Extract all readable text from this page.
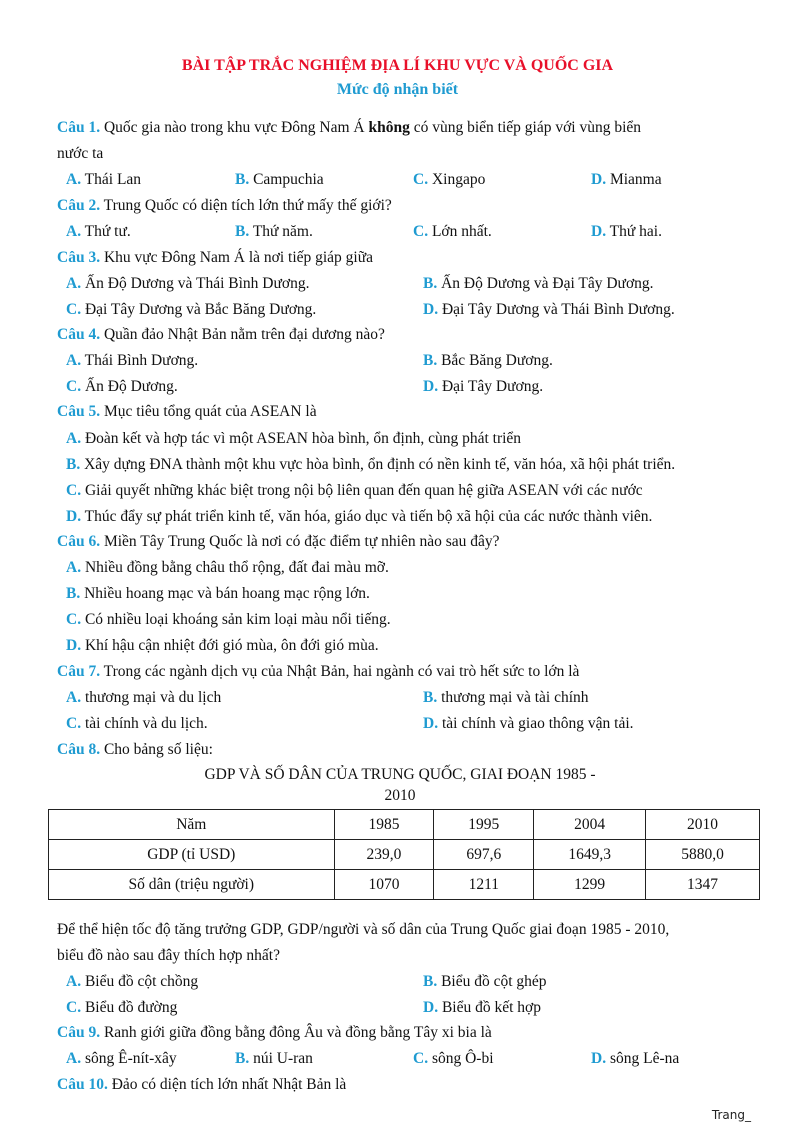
BÀI TẬP TRẮC NGHIỆM ĐỊA LÍ KHU VỰC VÀ QUỐC GIA
Mức độ nhận biết
Câu 1. Quốc gia nào trong khu vực Đông Nam Á không có vùng biển tiếp giáp với vùng biển
nước ta
A. Thái Lan	B. Campuchia	C. Xingapo	D. Mianma
Câu 2. Trung Quốc có diện tích lớn thứ mấy thế giới?
A. Thứ tư.	B. Thứ năm.	C. Lớn nhất.	D. Thứ hai.
Câu 3. Khu vực Đông Nam Á là nơi tiếp giáp giữa
A. Ấn Độ Dương và Thái Bình Dương.	B. Ấn Độ Dương và Đại Tây Dương.
C. Đại Tây Dương và Bắc Băng Dương.	D. Đại Tây Dương và Thái Bình Dương.
Câu 4. Quần đảo Nhật Bản nằm trên đại dương nào?
A. Thái Bình Dương.	B. Bắc Băng Dương.
C. Ấn Độ Dương.	D. Đại Tây Dương.
Câu 5. Mục tiêu tổng quát của ASEAN là
A. Đoàn kết và hợp tác vì một ASEAN hòa bình, ổn định, cùng phát triển
B. Xây dựng ĐNA thành một khu vực hòa bình, ổn định có nền kinh tế, văn hóa, xã hội phát triển.
C. Giải quyết những khác biệt trong nội bộ liên quan đến quan hệ giữa ASEAN với các nước
D. Thúc đẩy sự phát triển kinh tế, văn hóa, giáo dục và tiến bộ xã hội của các nước thành viên.
Câu 6. Miền Tây Trung Quốc là nơi có đặc điểm tự nhiên nào sau đây?
A. Nhiều đồng bằng châu thổ rộng, đất đai màu mỡ.
B. Nhiều hoang mạc và bán hoang mạc rộng lớn.
C. Có nhiều loại khoáng sản kim loại màu nổi tiếng.
D. Khí hậu cận nhiệt đới gió mùa, ôn đới gió mùa.
Câu 7. Trong các ngành dịch vụ của Nhật Bản, hai ngành có vai trò hết sức to lớn là
A. thương mại và du lịch	B. thương mại và tài chính
C. tài chính và du lịch.	D. tài chính và giao thông vận tải.
Câu 8. Cho bảng số liệu:
GDP VÀ SỐ DÂN CỦA TRUNG QUỐC, GIAI ĐOẠN 1985 -
2010
Năm	1985	1995	2004	2010
GDP (tỉ USD)	239,0	697,6	1649,3	5880,0
Số dân (triệu người)	1070	1211	1299	1347
Để thể hiện tốc độ tăng trưởng GDP, GDP/người và số dân của Trung Quốc giai đoạn 1985 - 2010,
biểu đồ nào sau đây thích hợp nhất?
A. Biểu đồ cột chồng	B. Biểu đồ cột ghép
C. Biểu đồ đường	D. Biểu đồ kết hợp
Câu 9. Ranh giới giữa đồng bằng đông Âu và đồng bằng Tây xi bia là
A. sông Ê-nít-xây	B. núi U-ran	C. sông Ô-bi	D. sông Lê-na
Câu 10. Đảo có diện tích lớn nhất Nhật Bản là
Trang_
